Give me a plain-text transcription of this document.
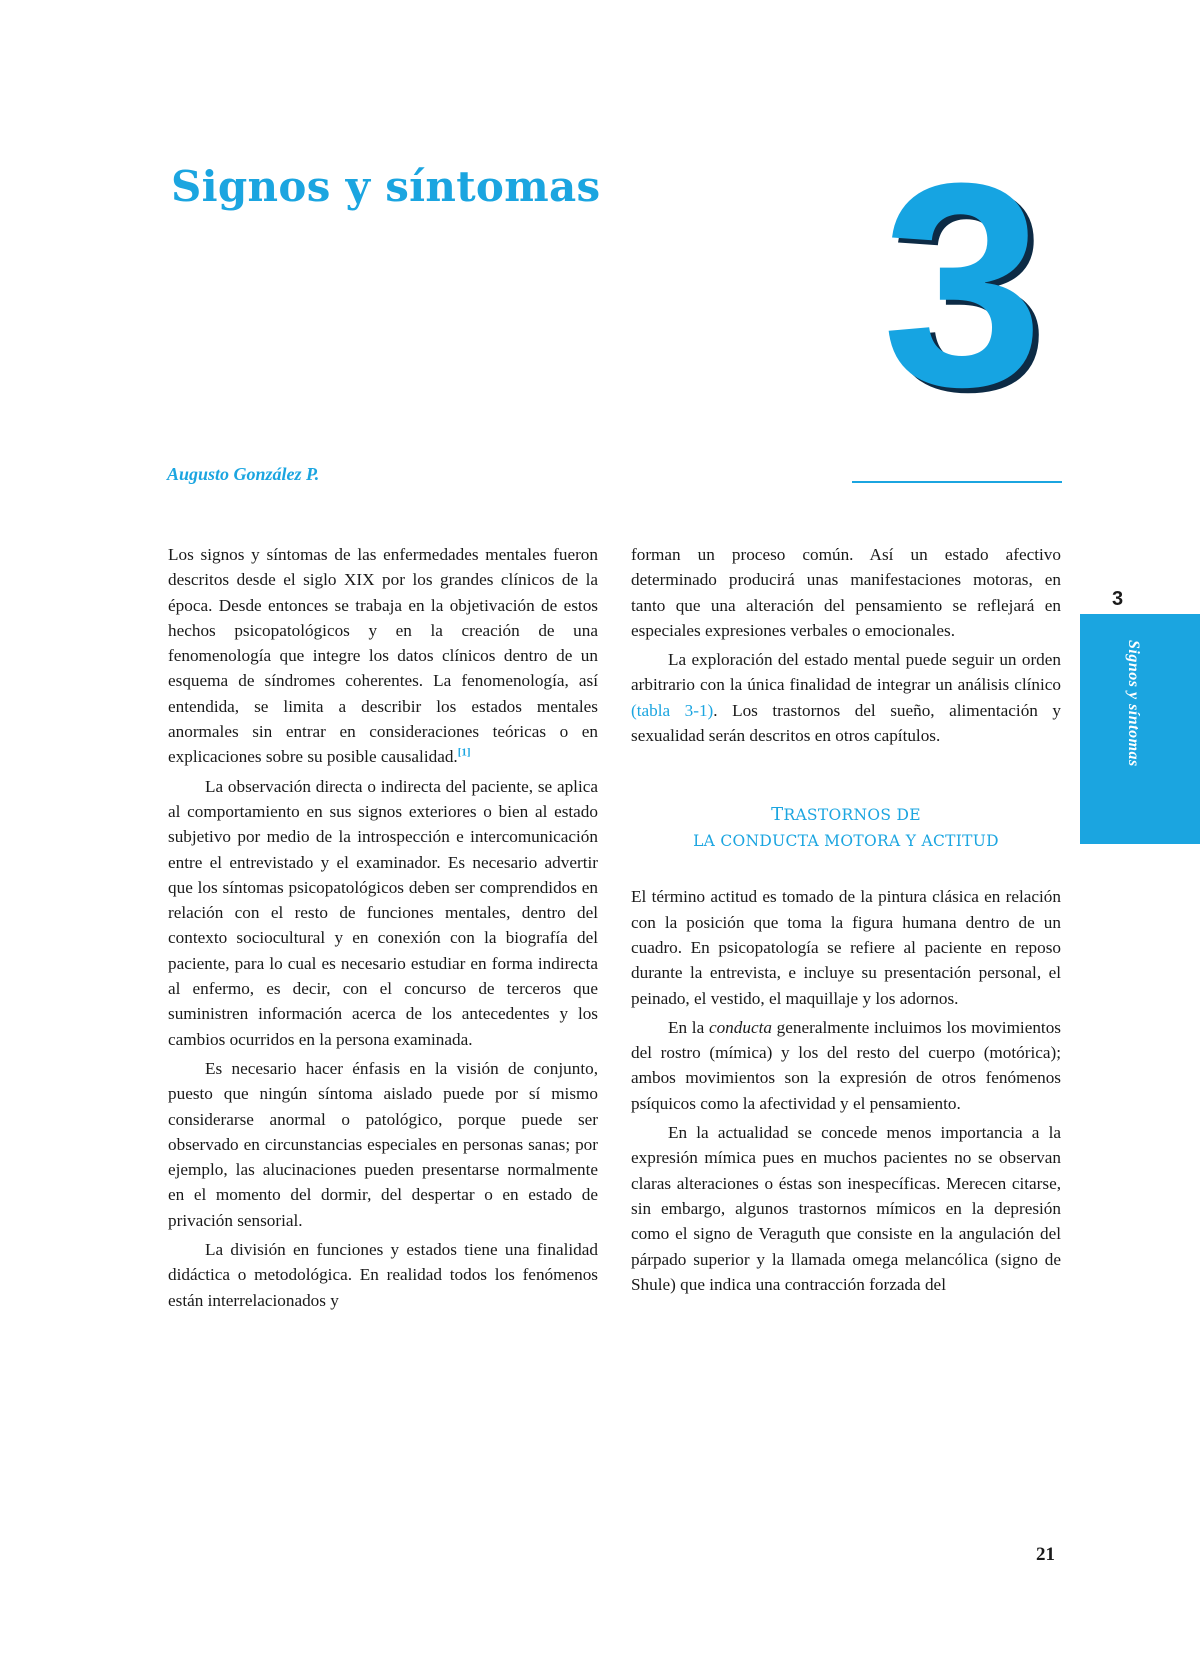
Signos y síntomas 3
Augusto González P.
3
Signos y síntomas

Los signos y síntomas de las enfermedades mentales fueron descritos desde el siglo XIX por los grandes clínicos de la época. Desde entonces se trabaja en la objetivación de estos hechos psicopatológicos y en la creación de una fenomenología que integre los datos clínicos dentro de un esquema de síndromes coherentes. La fenomenología, así entendida, se limita a describir los estados mentales anormales sin entrar en consideraciones teóricas o en explicaciones sobre su posible causalidad.[1]

La observación directa o indirecta del paciente, se aplica al comportamiento en sus signos exteriores o bien al estado subjetivo por medio de la introspección e intercomunicación entre el entrevistado y el examinador. Es necesario advertir que los síntomas psicopatológicos deben ser comprendidos en relación con el resto de funciones mentales, dentro del contexto sociocultural y en conexión con la biografía del paciente, para lo cual es necesario estudiar en forma indirecta al enfermo, es decir, con el concurso de terceros que suministren información acerca de los antecedentes y los cambios ocurridos en la persona examinada.

Es necesario hacer énfasis en la visión de conjunto, puesto que ningún síntoma aislado puede por sí mismo considerarse anormal o patológico, porque puede ser observado en circunstancias especiales en personas sanas; por ejemplo, las alucinaciones pueden presentarse normalmente en el momento del dormir, del despertar o en estado de privación sensorial.

La división en funciones y estados tiene una finalidad didáctica o metodológica. En realidad todos los fenómenos están interrelacionados y

forman un proceso común. Así un estado afectivo determinado producirá unas manifestaciones motoras, en tanto que una alteración del pensamiento se reflejará en especiales expresiones verbales o emocionales.

La exploración del estado mental puede seguir un orden arbitrario con la única finalidad de integrar un análisis clínico (tabla 3-1). Los trastornos del sueño, alimentación y sexualidad serán descritos en otros capítulos.

TRASTORNOS DE
LA CONDUCTA MOTORA Y ACTITUD

El término actitud es tomado de la pintura clásica en relación con la posición que toma la figura humana dentro de un cuadro. En psicopatología se refiere al paciente en reposo durante la entrevista, e incluye su presentación personal, el peinado, el vestido, el maquillaje y los adornos.

En la conducta generalmente incluimos los movimientos del rostro (mímica) y los del resto del cuerpo (motórica); ambos movimientos son la expresión de otros fenómenos psíquicos como la afectividad y el pensamiento.

En la actualidad se concede menos importancia a la expresión mímica pues en muchos pacientes no se observan claras alteraciones o éstas son inespecíficas. Merecen citarse, sin embargo, algunos trastornos mímicos en la depresión como el signo de Veraguth que consiste en la angulación del párpado superior y la llamada omega melancólica (signo de Shule) que indica una contracción forzada del

21
